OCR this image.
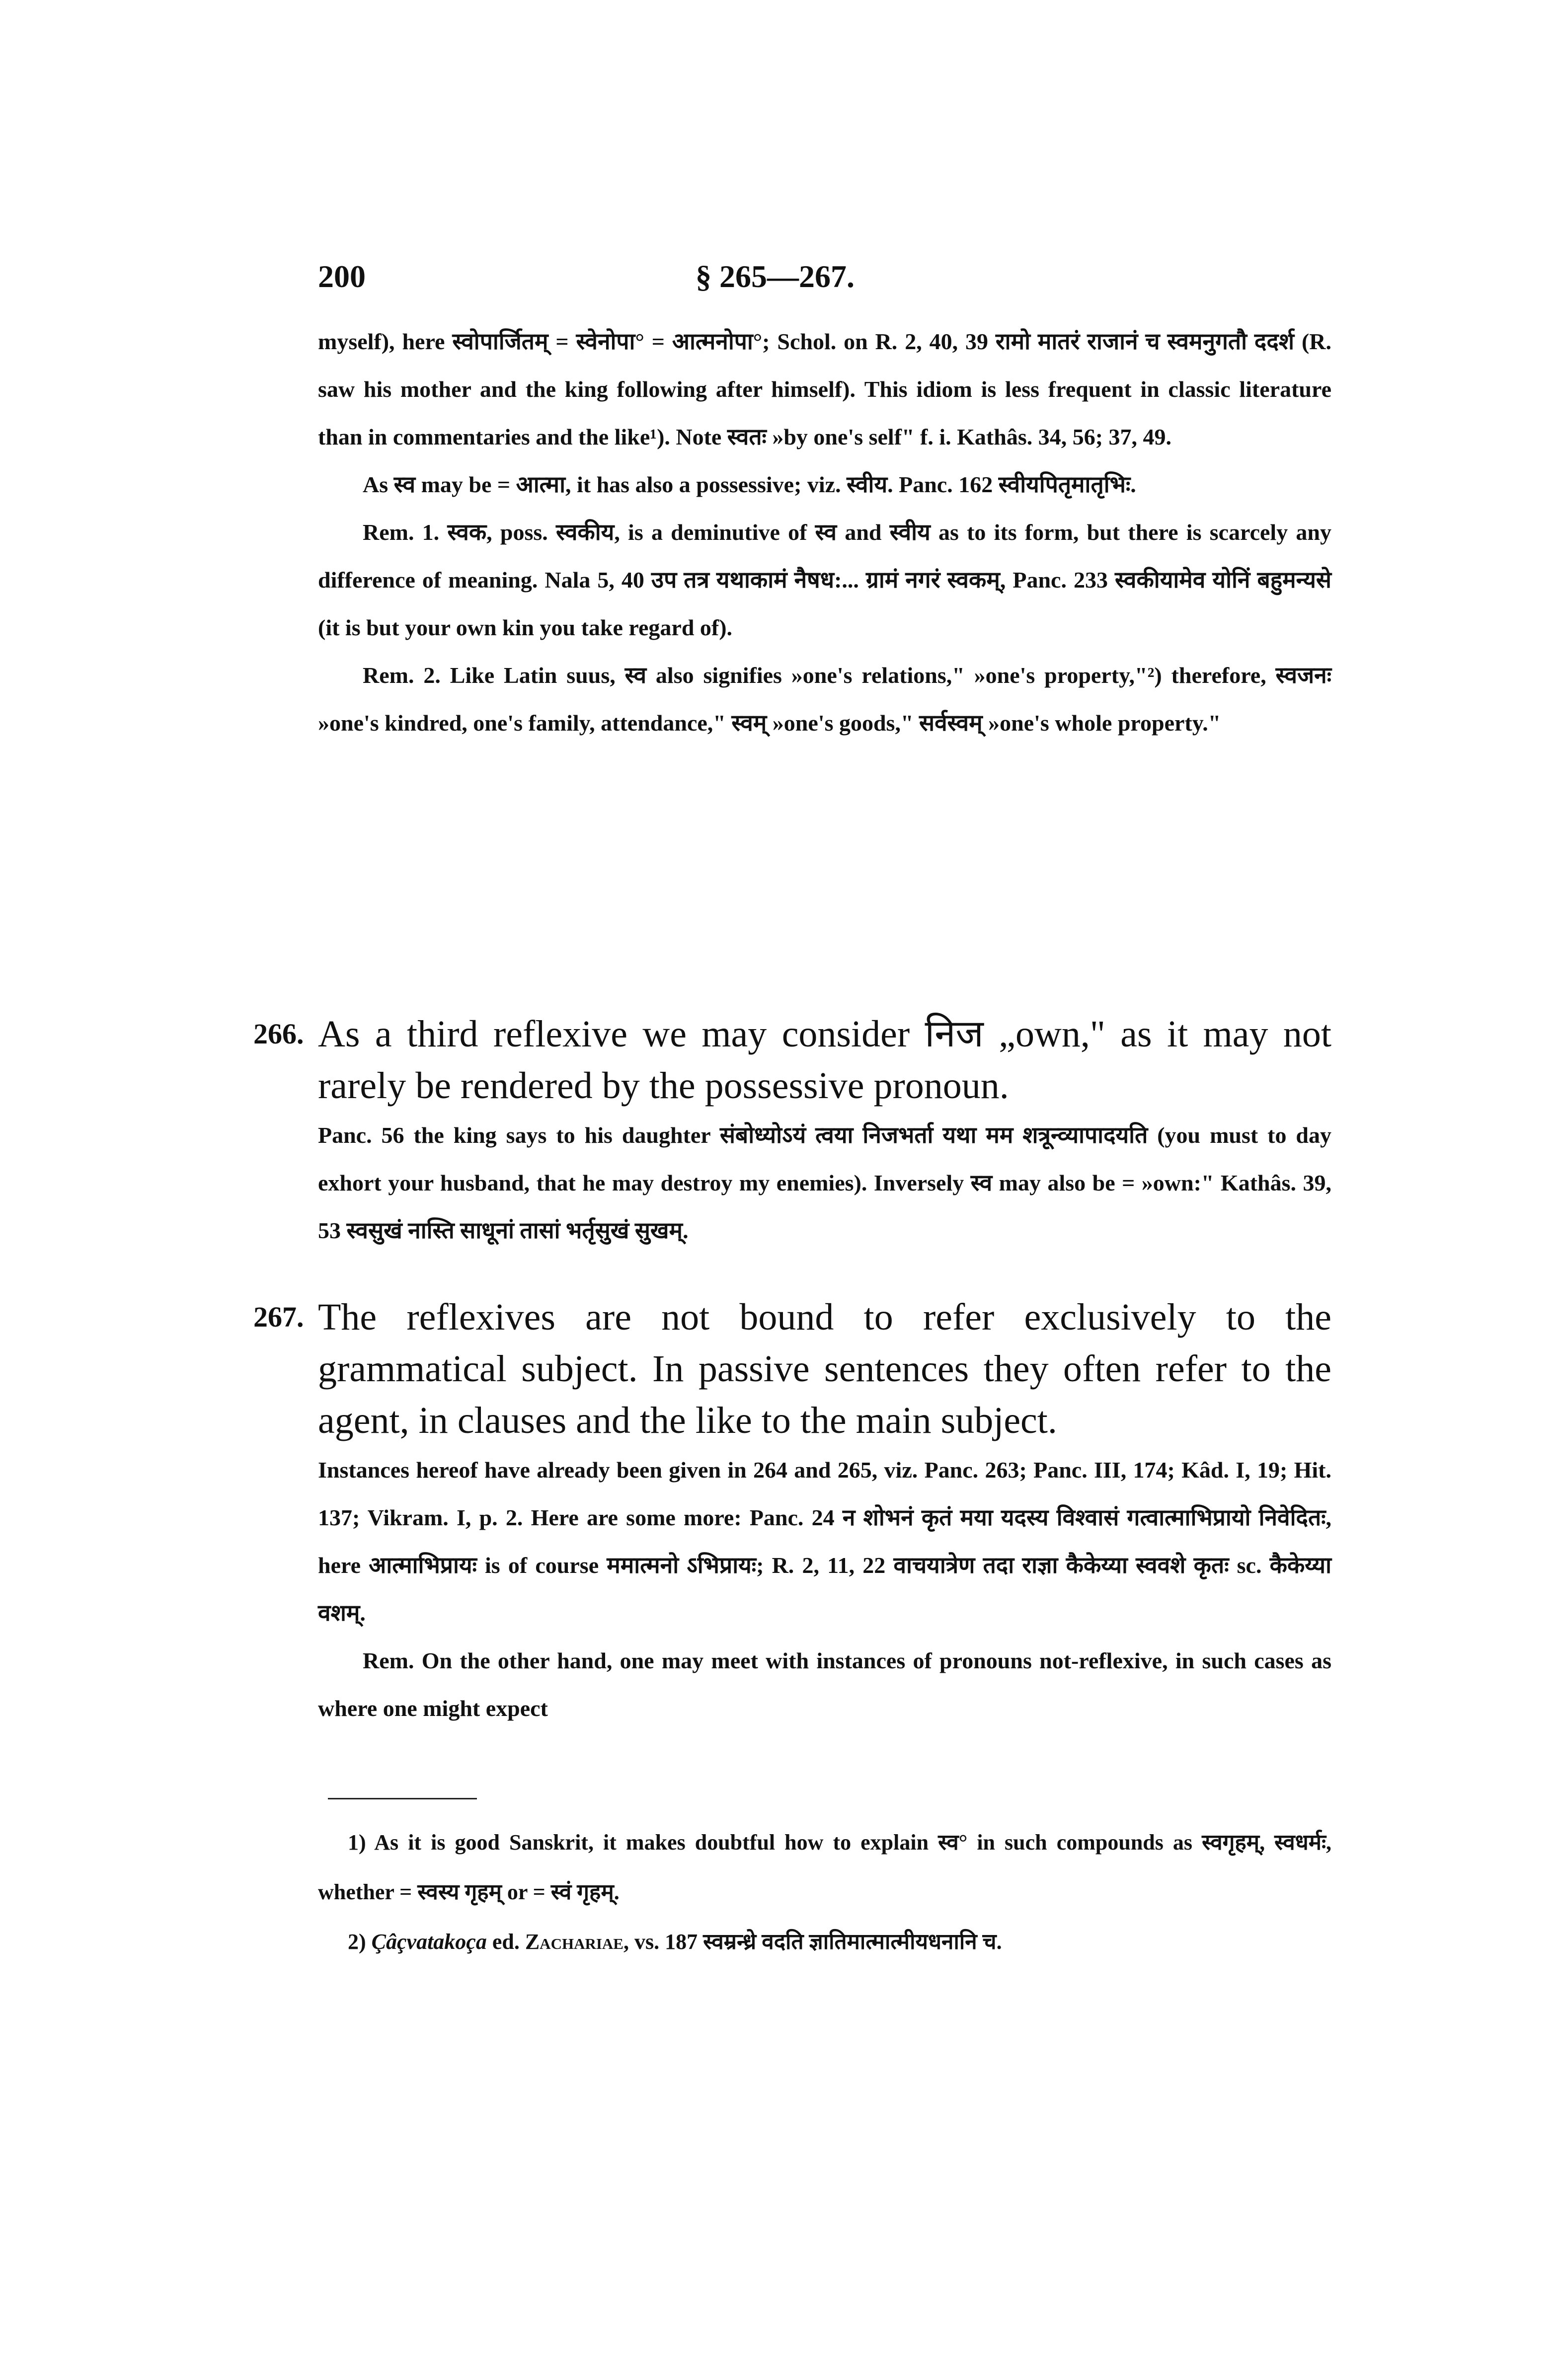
200	§ 265—267.

myself), here स्वोपार्जितम् = स्वेनोपा° = आत्मनोपा°; Schol. on R. 2, 40, 39 रामो मातरं राजानं च स्वमनुगतौ ददर्श (R. saw his mother and the king following after himself). This idiom is less frequent in classic literature than in commentaries and the like¹). Note स्वतः »by one's self" f. i. Kathâs. 34, 56; 37, 49.

As स्व may be = आत्मा, it has also a possessive; viz. स्वीय. Panc. 162 स्वीयपितृमातृभिः.

Rem. 1. स्वक, poss. स्वकीय, is a deminutive of स्व and स्वीय as to its form, but there is scarcely any difference of meaning. Nala 5, 40 उप तत्र यथाकामं नैषध:... ग्रामं नगरं स्वकम्, Panc. 233 स्वकीयामेव योनिं बहुमन्यसे (it is but your own kin you take regard of).

Rem. 2. Like Latin suus, स्व also signifies »one's relations," »one's property,"²) therefore, स्वजनः »one's kindred, one's family, attendance," स्वम् »one's goods," सर्वस्वम् »one's whole property."

266. As a third reflexive we may consider निज „own," as it may not rarely be rendered by the possessive pronoun.
Panc. 56 the king says to his daughter संबोध्योऽयं त्वया निजभर्ता यथा मम शत्रून्व्यापादयति (you must to day exhort your husband, that he may destroy my enemies). Inversely स्व may also be = »own:" Kathâs. 39, 53 स्वसुखं नास्ति साधूनां तासां भर्तृसुखं सुखम्.
267. The reflexives are not bound to refer exclusively to the grammatical subject. In passive sentences they often refer to the agent, in clauses and the like to the main subject.
Instances hereof have already been given in 264 and 265, viz. Panc. 263; Panc. III, 174; Kâd. I, 19; Hit. 137; Vikram. I, p. 2. Here are some more: Panc. 24 न शोभनं कृतं मया यदस्य विश्वासं गत्वात्माभिप्रायो निवेदितः, here आत्माभिप्रायः is of course ममात्मनो ऽभिप्रायः; R. 2, 11, 22 वाचयात्रेण तदा राज्ञा कैकेय्या स्ववशे कृतः sc. कैकेय्या वशम्.
Rem. On the other hand, one may meet with instances of pronouns not-reflexive, in such cases as where one might expect

1) As it is good Sanskrit, it makes doubtful how to explain स्व° in such compounds as स्वगृहम्, स्वधर्मः, whether = स्वस्य गृहम् or = स्वं गृहम्.

2) Çâçvatakoça ed. Zachariae, vs. 187 स्वम्रन्ध्रे वदति ज्ञातिमात्मात्मीयधनानि च.
